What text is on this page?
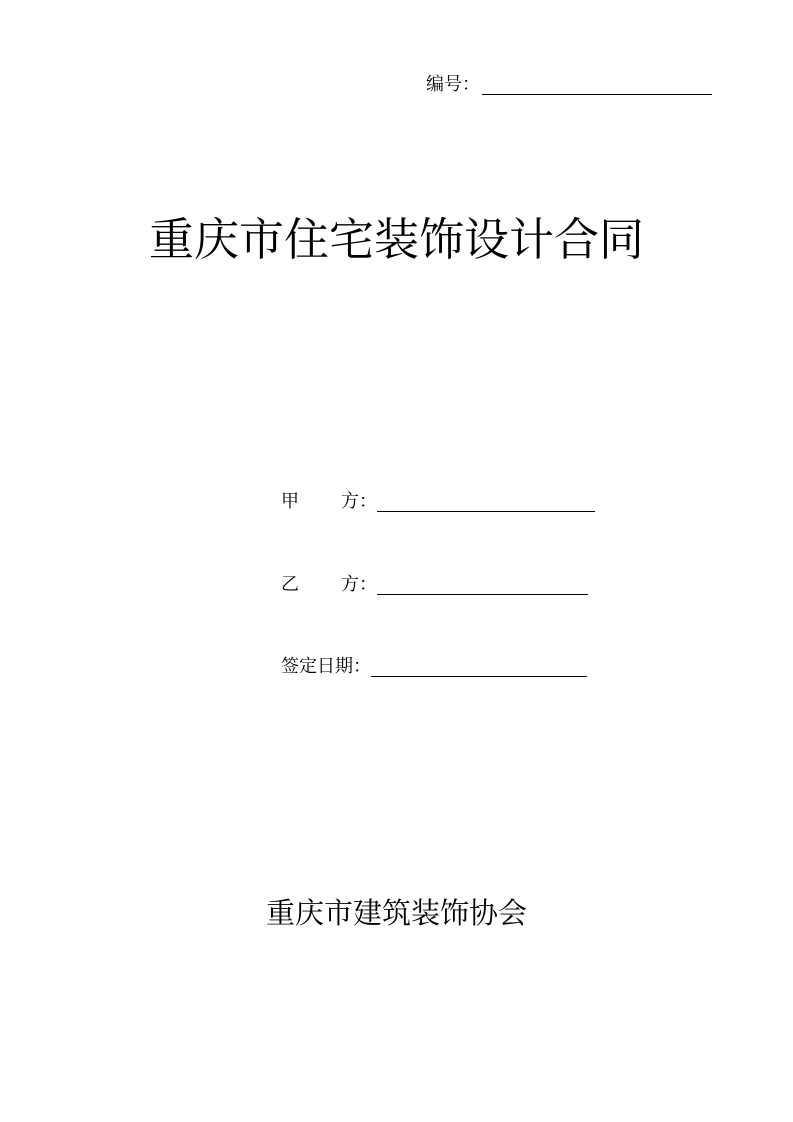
编号：
重庆市住宅装饰设计合同
甲 方：
乙 方：
签定日期：
重庆市建筑装饰协会
